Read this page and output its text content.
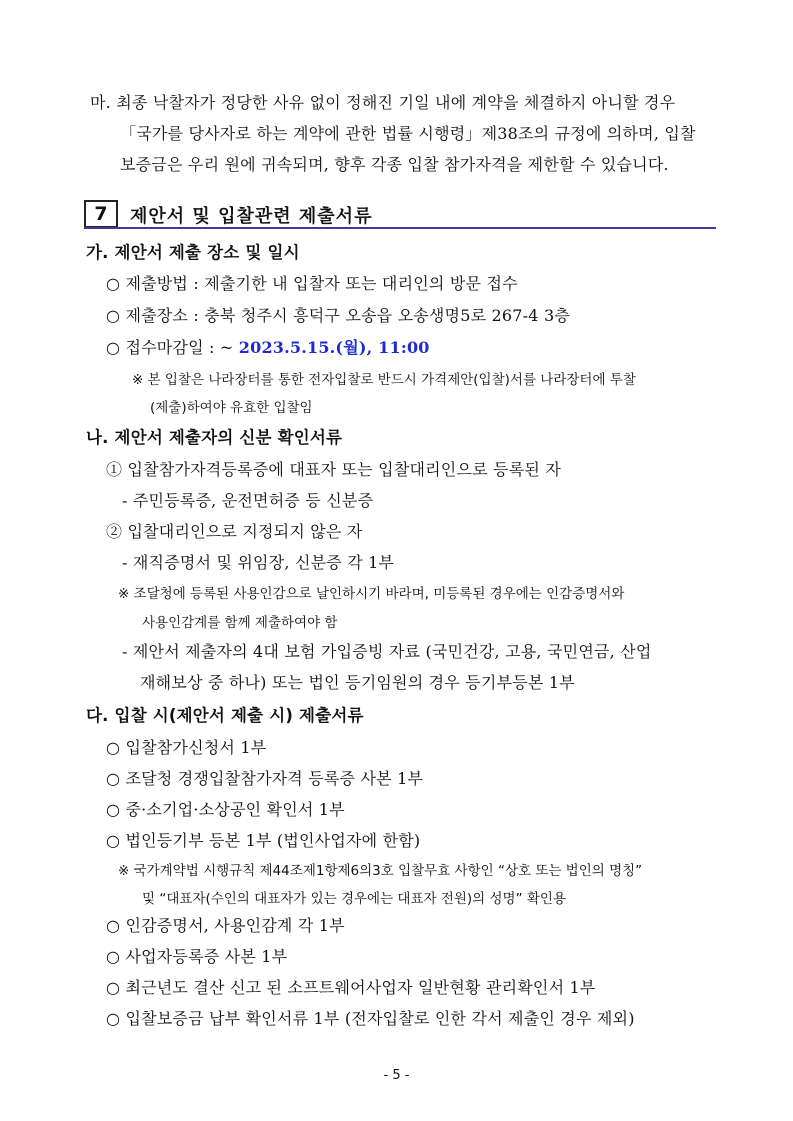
마. 최종 낙찰자가 정당한 사유 없이 정해진 기일 내에 계약을 체결하지 아니할 경우
「국가를 당사자로 하는 계약에 관한 법률 시행령」제38조의 규정에 의하며, 입찰
보증금은 우리 원에 귀속되며, 향후 각종 입찰 참가자격을 제한할 수 있습니다.
7	제안서 및 입찰관련 제출서류
가. 제안서 제출 장소 및 일시
○ 제출방법 : 제출기한 내 입찰자 또는 대리인의 방문 접수
○ 제출장소 : 충북 청주시 흥덕구 오송읍 오송생명5로 267-4 3층
○ 접수마감일 : ~ 2023.5.15.(월), 11:00
※ 본 입찰은 나라장터를 통한 전자입찰로 반드시 가격제안(입찰)서를 나라장터에 투찰
(제출)하여야 유효한 입찰임
나. 제안서 제출자의 신분 확인서류
① 입찰참가자격등록증에 대표자 또는 입찰대리인으로 등록된 자
- 주민등록증, 운전면허증 등 신분증
② 입찰대리인으로 지정되지 않은 자
- 재직증명서 및 위임장, 신분증 각 1부
※ 조달청에 등록된 사용인감으로 날인하시기 바라며, 미등록된 경우에는 인감증명서와
사용인감계를 함께 제출하여야 함
- 제안서 제출자의 4대 보험 가입증빙 자료 (국민건강, 고용, 국민연금, 산업
재해보상 중 하나) 또는 법인 등기임원의 경우 등기부등본 1부
다. 입찰 시(제안서 제출 시) 제출서류
○ 입찰참가신청서 1부
○ 조달청 경쟁입찰참가자격 등록증 사본 1부
○ 중·소기업·소상공인 확인서 1부
○ 법인등기부 등본 1부 (법인사업자에 한함)
※ 국가계약법 시행규칙 제44조제1항제6의3호 입찰무효 사항인 “상호 또는 법인의 명칭”
및 “대표자(수인의 대표자가 있는 경우에는 대표자 전원)의 성명” 확인용
○ 인감증명서, 사용인감계 각 1부
○ 사업자등록증 사본 1부
○ 최근년도 결산 신고 된 소프트웨어사업자 일반현황 관리확인서 1부
○ 입찰보증금 납부 확인서류 1부 (전자입찰로 인한 각서 제출인 경우 제외)
- 5 -
